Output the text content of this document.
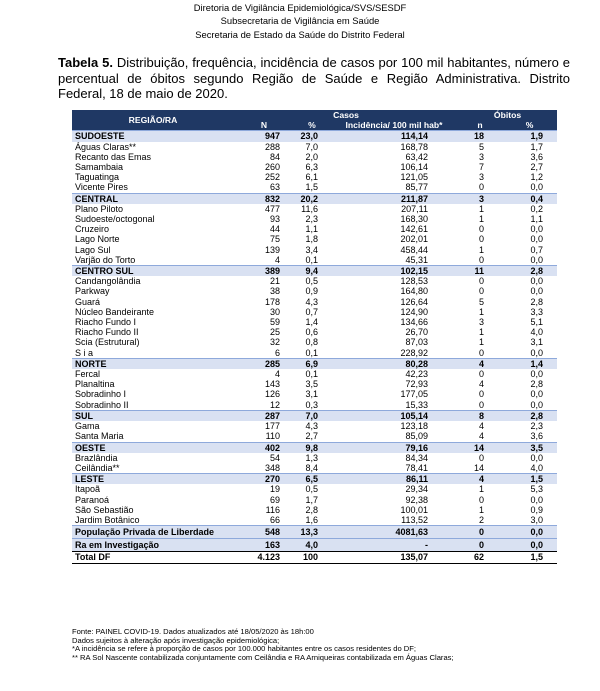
Diretoria de Vigilância Epidemiológica/SVS/SESDF
Subsecretaria de Vigilância em Saúde
Secretaria de Estado da Saúde do Distrito Federal
Tabela 5. Distribuição, frequência, incidência de casos por 100 mil habitantes, número e percentual de óbitos segundo Região de Saúde e Região Administrativa. Distrito Federal, 18 de maio de 2020.
REGIÃO/RA	Casos			Óbitos	
	N	%	Incidência/ 100 mil hab*	n	%
SUDOESTE	947	23,0	114,14	18	1,9
Águas Claras**	288	7,0	168,78	5	1,7
Recanto das Emas	84	2,0	63,42	3	3,6
Samambaia	260	6,3	106,14	7	2,7
Taguatinga	252	6,1	121,05	3	1,2
Vicente Pires	63	1,5	85,77	0	0,0
CENTRAL	832	20,2	211,87	3	0,4
Plano Piloto	477	11,6	207,11	1	0,2
Sudoeste/octogonal	93	2,3	168,30	1	1,1
Cruzeiro	44	1,1	142,61	0	0,0
Lago Norte	75	1,8	202,01	0	0,0
Lago Sul	139	3,4	458,44	1	0,7
Varjão do Torto	4	0,1	45,31	0	0,0
CENTRO SUL	389	9,4	102,15	11	2,8
Candangolândia	21	0,5	128,53	0	0,0
Parkway	38	0,9	164,80	0	0,0
Guará	178	4,3	126,64	5	2,8
Núcleo Bandeirante	30	0,7	124,90	1	3,3
Riacho Fundo I	59	1,4	134,66	3	5,1
Riacho Fundo II	25	0,6	26,70	1	4,0
Scia (Estrutural)	32	0,8	87,03	1	3,1
S i a	6	0,1	228,92	0	0,0
NORTE	285	6,9	80,28	4	1,4
Fercal	4	0,1	42,23	0	0,0
Planaltina	143	3,5	72,93	4	2,8
Sobradinho I	126	3,1	177,05	0	0,0
Sobradinho II	12	0,3	15,33	0	0,0
SUL	287	7,0	105,14	8	2,8
Gama	177	4,3	123,18	4	2,3
Santa Maria	110	2,7	85,09	4	3,6
OESTE	402	9,8	79,16	14	3,5
Brazlândia	54	1,3	84,34	0	0,0
Ceilândia**	348	8,4	78,41	14	4,0
LESTE	270	6,5	86,11	4	1,5
Itapoã	19	0,5	29,34	1	5,3
Paranoá	69	1,7	92,38	0	0,0
São Sebastião	116	2,8	100,01	1	0,9
Jardim Botânico	66	1,6	113,52	2	3,0
População Privada de Liberdade	548	13,3	4081,63	0	0,0
Ra em Investigação	163	4,0	-	0	0,0
Total DF	4.123	100	135,07	62	1,5
Fonte: PAINEL COVID-19. Dados atualizados até 18/05/2020 às 18h:00
Dados sujeitos à alteração após investigação epidemiológica;
*A incidência se refere à proporção de casos por 100.000 habitantes entre os casos residentes do DF;
** RA Sol Nascente contabilizada conjuntamente com Ceilândia e RA Arniqueiras contabilizada em Águas Claras;
